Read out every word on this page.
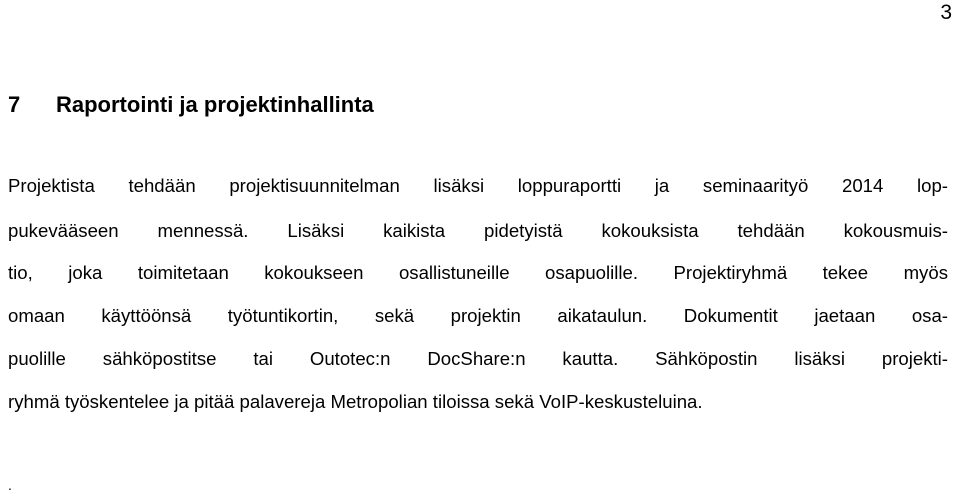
3
7 Raportointi ja projektinhallinta
Projektista tehdään projektisuunnitelman lisäksi loppuraportti ja seminaarityö 2014 lop-
pukevääseen mennessä. Lisäksi kaikista pidetyistä kokouksista tehdään kokousmuis-
tio, joka toimitetaan kokoukseen osallistuneille osapuolille. Projektiryhmä tekee myös
omaan käyttöönsä työtuntikortin, sekä projektin aikataulun. Dokumentit jaetaan osa-
puolille sähköpostitse tai Outotec:n DocShare:n kautta. Sähköpostin lisäksi projekti-
ryhmä työskentelee ja pitää palavereja Metropolian tiloissa sekä VoIP-keskusteluina.
.
